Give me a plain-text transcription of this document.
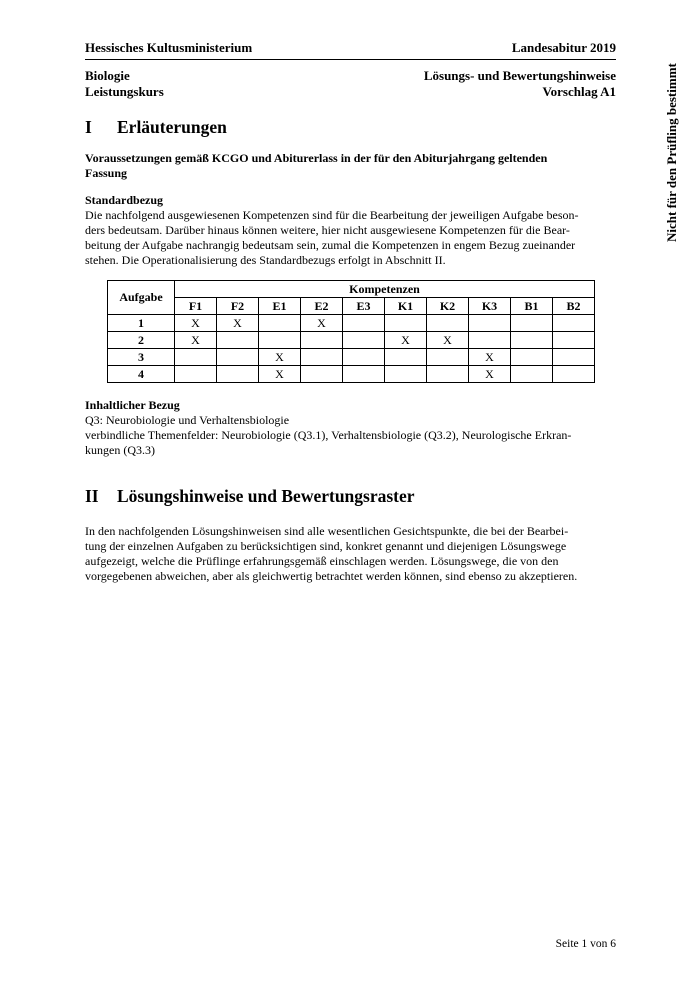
Nicht für den Prüfling bestimmt
Hessisches Kultusministerium	Landesabitur 2019
Biologie	Lösungs- und Bewertungshinweise
Leistungskurs	Vorschlag A1
I	Erläuterungen
Voraussetzungen gemäß KCGO und Abiturerlass in der für den Abiturjahrgang geltenden
Fassung
Standardbezug
Die nachfolgend ausgewiesenen Kompetenzen sind für die Bearbeitung der jeweiligen Aufgabe beson-
ders bedeutsam. Darüber hinaus können weitere, hier nicht ausgewiesene Kompetenzen für die Bear-
beitung der Aufgabe nachrangig bedeutsam sein, zumal die Kompetenzen in engem Bezug zueinander
stehen. Die Operationalisierung des Standardbezugs erfolgt in Abschnitt II.
Aufgabe	Kompetenzen									
	F1	F2	E1	E2	E3	K1	K2	K3	B1	B2
1	X	X		X						
2	X					X	X			
3			X					X		
4			X					X		
Inhaltlicher Bezug
Q3: Neurobiologie und Verhaltensbiologie
verbindliche Themenfelder: Neurobiologie (Q3.1), Verhaltensbiologie (Q3.2), Neurologische Erkran-
kungen (Q3.3)
II	Lösungshinweise und Bewertungsraster
In den nachfolgenden Lösungshinweisen sind alle wesentlichen Gesichtspunkte, die bei der Bearbei-
tung der einzelnen Aufgaben zu berücksichtigen sind, konkret genannt und diejenigen Lösungswege
aufgezeigt, welche die Prüflinge erfahrungsgemäß einschlagen werden. Lösungswege, die von den
vorgegebenen abweichen, aber als gleichwertig betrachtet werden können, sind ebenso zu akzeptieren.
Seite 1 von 6
